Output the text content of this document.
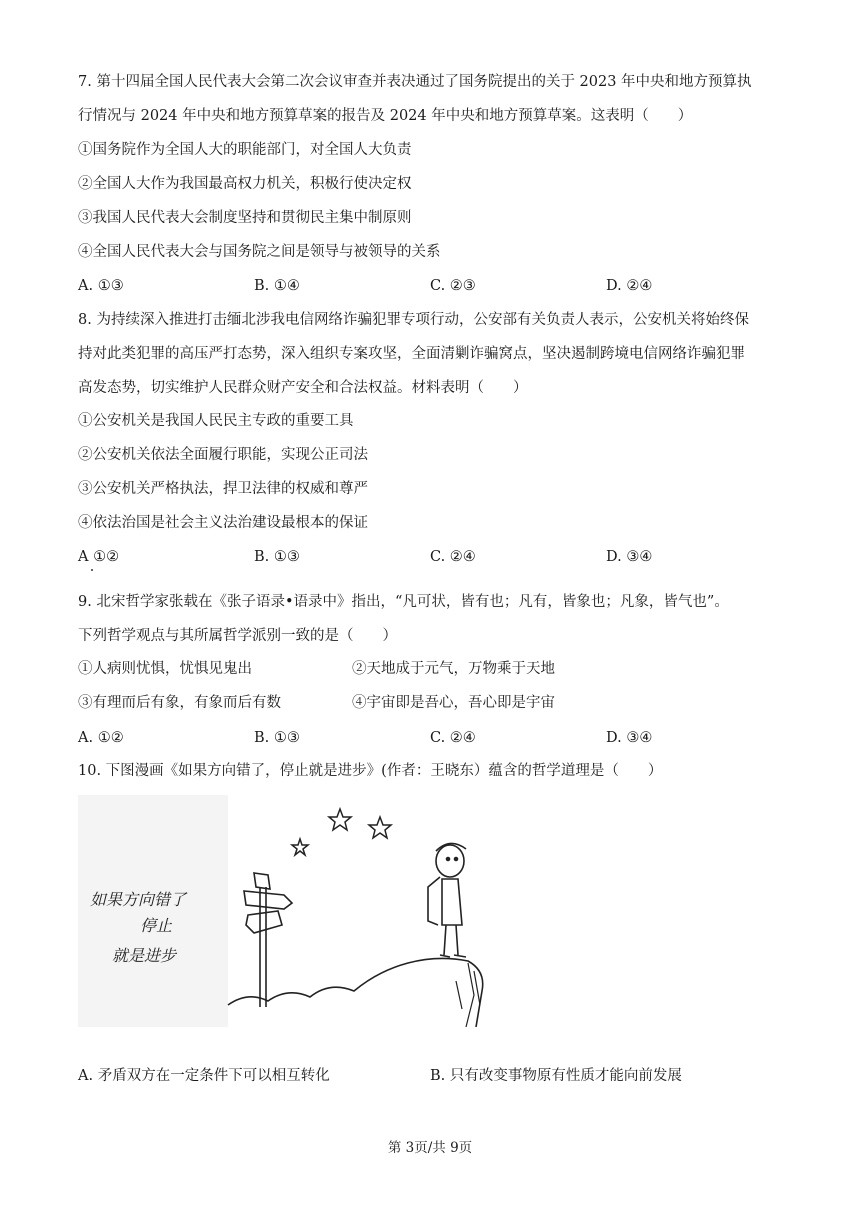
7. 第十四届全国人民代表大会第二次会议审查并表决通过了国务院提出的关于 2023 年中央和地方预算执
行情况与 2024 年中央和地方预算草案的报告及 2024 年中央和地方预算草案。这表明（　　）
①国务院作为全国人大的职能部门，对全国人大负责
②全国人大作为我国最高权力机关，积极行使决定权
③我国人民代表大会制度坚持和贯彻民主集中制原则
④全国人民代表大会与国务院之间是领导与被领导的关系
A. ①③	B. ①④	C. ②③	D. ②④
8. 为持续深入推进打击缅北涉我电信网络诈骗犯罪专项行动，公安部有关负责人表示，公安机关将始终保
持对此类犯罪的高压严打态势，深入组织专案攻坚，全面清剿诈骗窝点，坚决遏制跨境电信网络诈骗犯罪
高发态势，切实维护人民群众财产安全和合法权益。材料表明（　　）
①公安机关是我国人民民主专政的重要工具
②公安机关依法全面履行职能，实现公正司法
③公安机关严格执法，捍卫法律的权威和尊严
④依法治国是社会主义法治建设最根本的保证
A ①②	B. ①③	C. ②④	D. ③④
9. 北宋哲学家张载在《张子语录•语录中》指出，“凡可状，皆有也；凡有，皆象也；凡象，皆气也”。
下列哲学观点与其所属哲学派别一致的是（　　）
①人病则忧惧，忧惧见鬼出	②天地成于元气，万物乘于天地
③有理而后有象，有象而后有数	④宇宙即是吾心，吾心即是宇宙
A. ①②	B. ①③	C. ②④	D. ③④
10. 下图漫画《如果方向错了，停止就是进步》(作者：王晓东）蕴含的哲学道理是（　　）
如果方向错了
停止
就是进步
A. 矛盾双方在一定条件下可以相互转化	B. 只有改变事物原有性质才能向前发展
第 3页/共 9页
